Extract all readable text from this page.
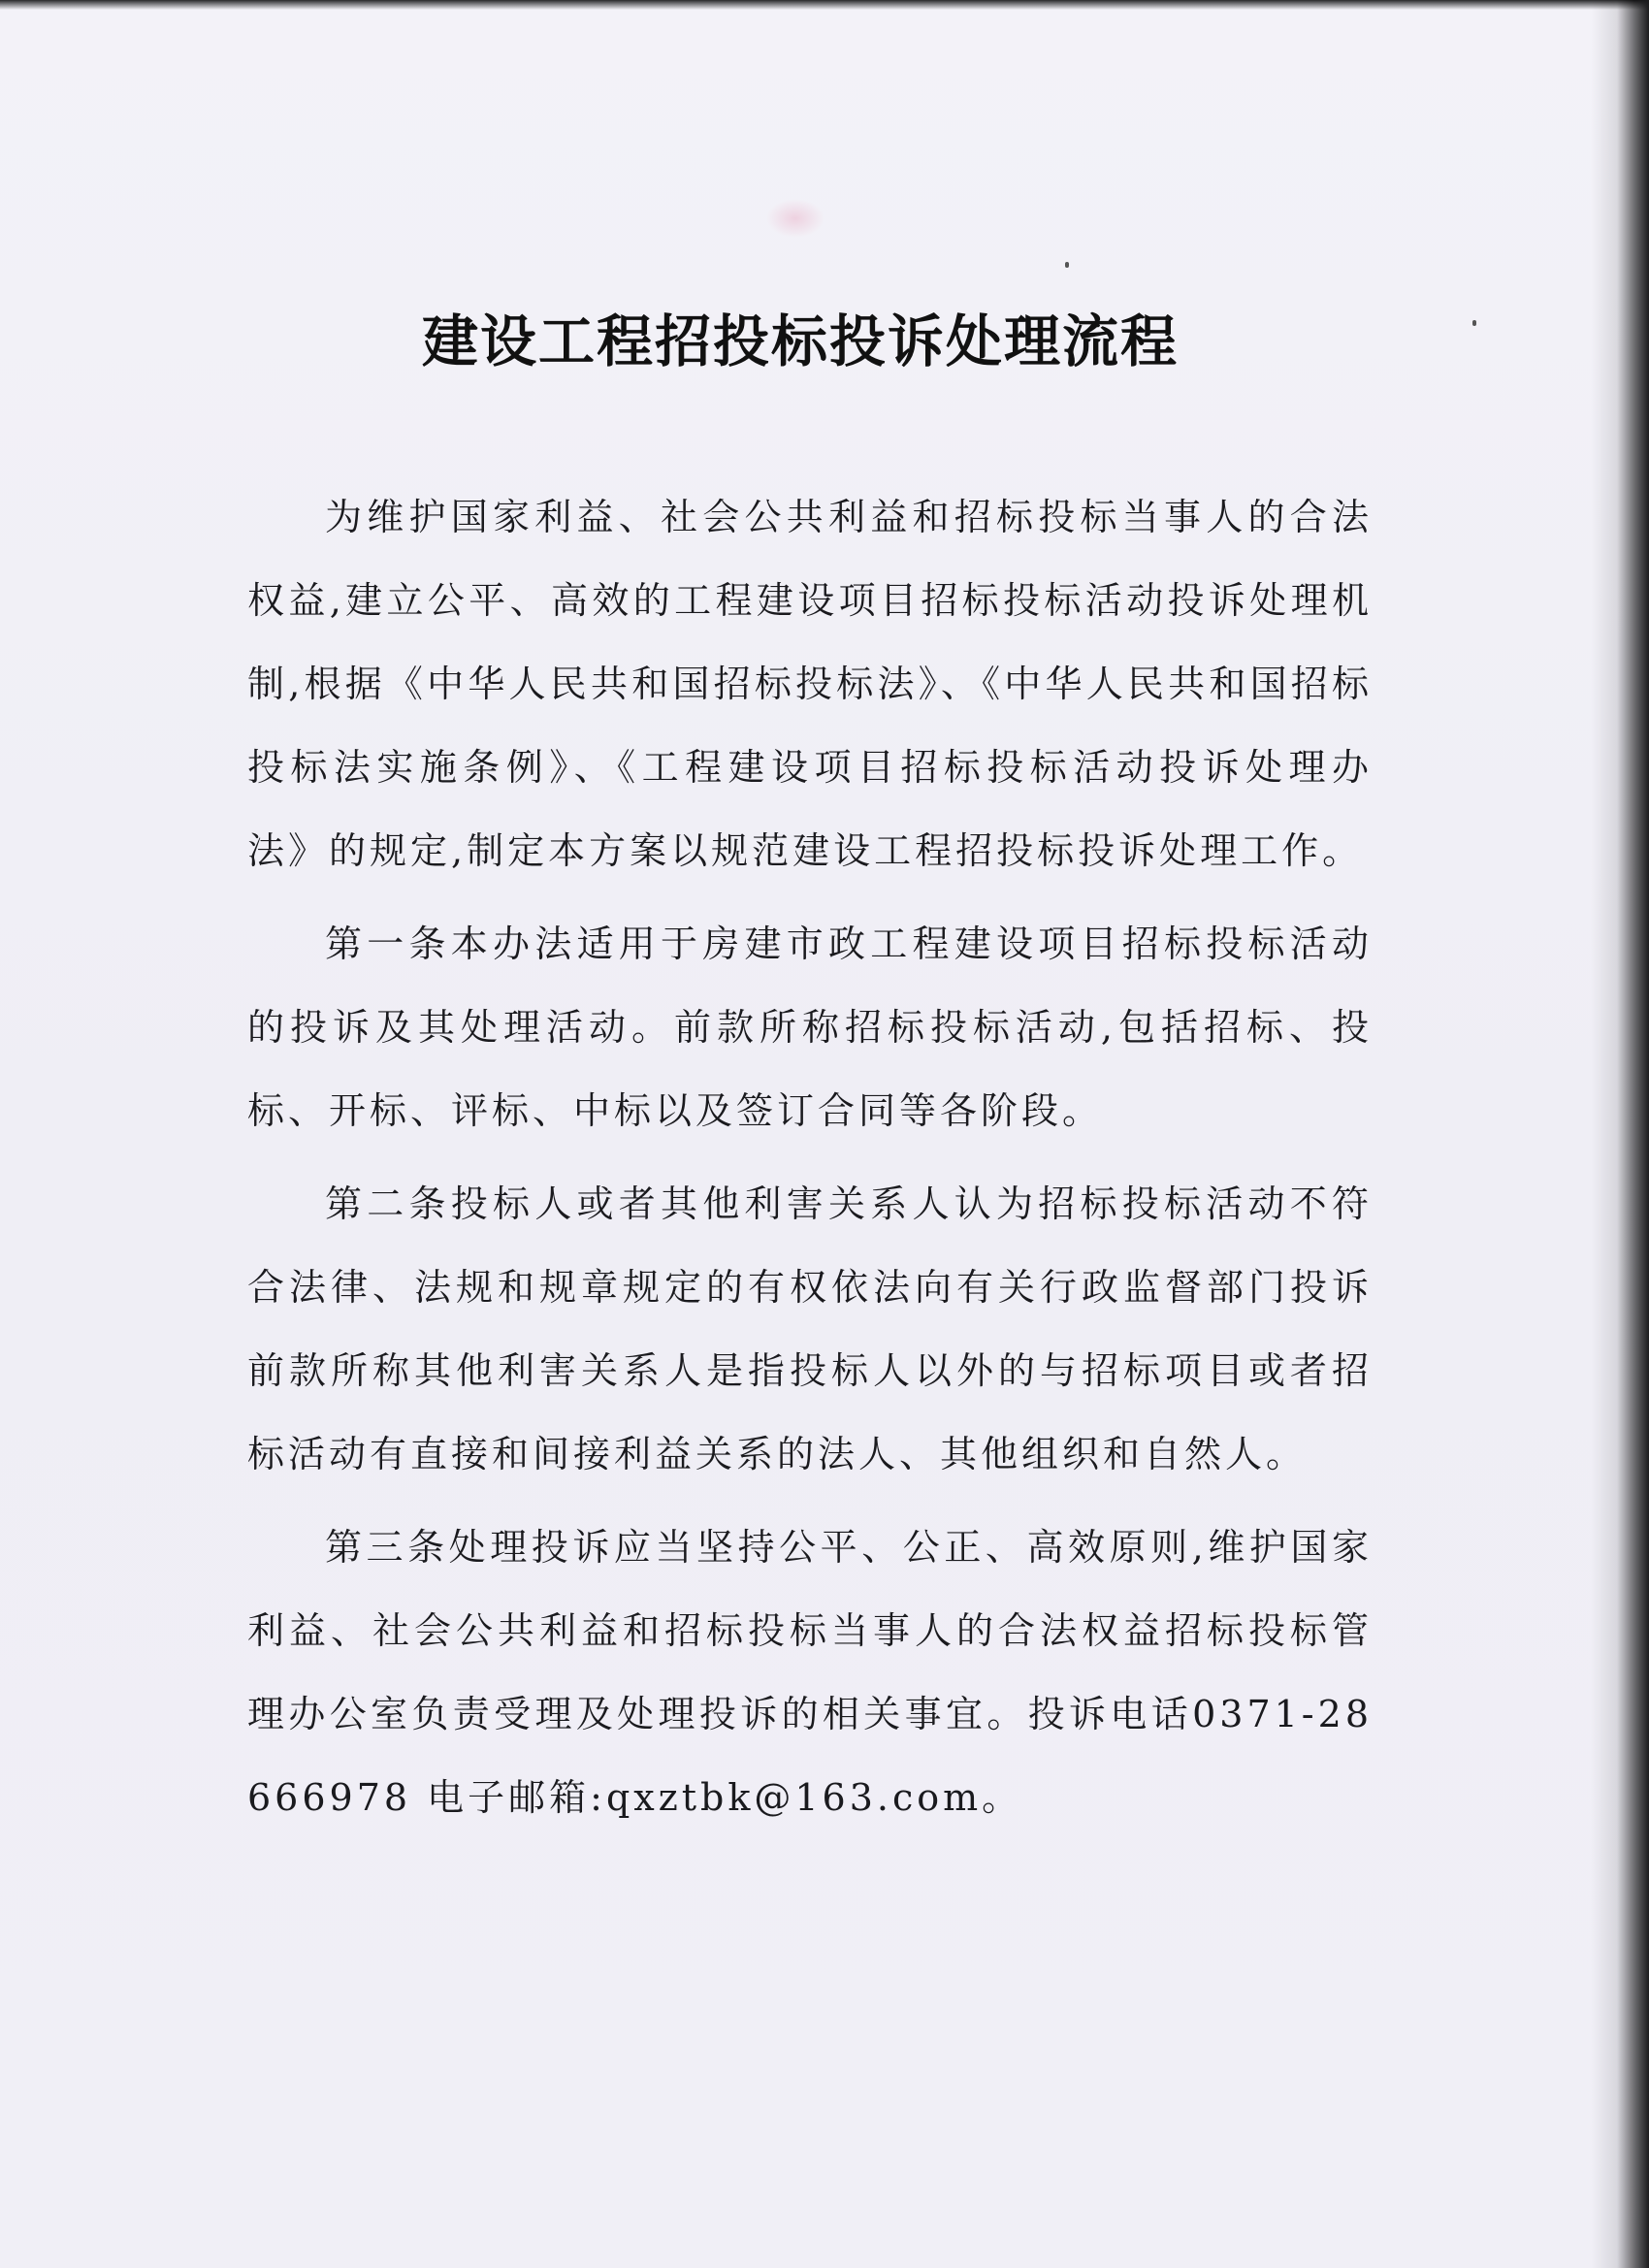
建设工程招投标投诉处理流程

为维护国家利益、社会公共利益和招标投标当事人的合法权益,建立公平、高效的工程建设项目招标投标活动投诉处理机制,根据《中华人民共和国招标投标法》、《中华人民共和国招标投标法实施条例》、《工程建设项目招标投标活动投诉处理办法》的规定,制定本方案以规范建设工程招投标投诉处理工作。

第一条本办法适用于房建市政工程建设项目招标投标活动的投诉及其处理活动。前款所称招标投标活动,包括招标、投标、开标、评标、中标以及签订合同等各阶段。

第二条投标人或者其他利害关系人认为招标投标活动不符合法律、法规和规章规定的有权依法向有关行政监督部门投诉前款所称其他利害关系人是指投标人以外的与招标项目或者招标活动有直接和间接利益关系的法人、其他组织和自然人。

第三条处理投诉应当坚持公平、公正、高效原则,维护国家利益、社会公共利益和招标投标当事人的合法权益招标投标管理办公室负责受理及处理投诉的相关事宜。投诉电话0371-28666978 电子邮箱:qxztbk@163.com。
